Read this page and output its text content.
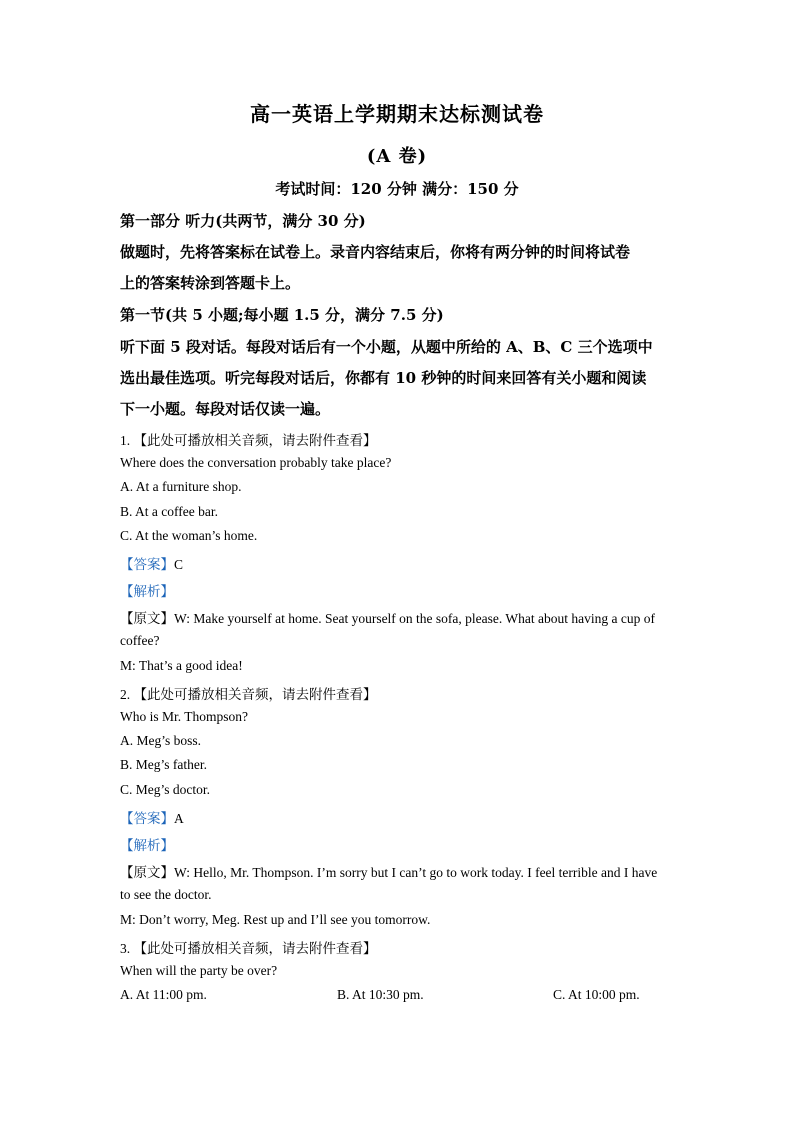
高一英语上学期期末达标测试卷
(A 卷)
考试时间：120 分钟 满分：150 分
第一部分 听力(共两节，满分 30 分)
做题时，先将答案标在试卷上。录音内容结束后，你将有两分钟的时间将试卷
上的答案转涂到答题卡上。
第一节(共 5 小题;每小题 1.5 分，满分 7.5 分)
听下面 5 段对话。每段对话后有一个小题，从题中所给的 A、B、C 三个选项中
选出最佳选项。听完每段对话后，你都有 10 秒钟的时间来回答有关小题和阅读
下一小题。每段对话仅读一遍。
1. 【此处可播放相关音频，请去附件查看】
Where does the conversation probably take place?
A. At a furniture shop.
B. At a coffee bar.
C. At the woman’s home.
【答案】C
【解析】
【原文】W: Make yourself at home. Seat yourself on the sofa, please. What about having a cup of
coffee?
M: That’s a good idea!
2. 【此处可播放相关音频，请去附件查看】
Who is Mr. Thompson?
A. Meg’s boss.
B. Meg’s father.
C. Meg’s doctor.
【答案】A
【解析】
【原文】W: Hello, Mr. Thompson. I’m sorry but I can’t go to work today. I feel terrible and I have
to see the doctor.
M: Don’t worry, Meg. Rest up and I’ll see you tomorrow.
3. 【此处可播放相关音频，请去附件查看】
When will the party be over?
A. At 11:00 pm.	B. At 10:30 pm.	C. At 10:00 pm.
